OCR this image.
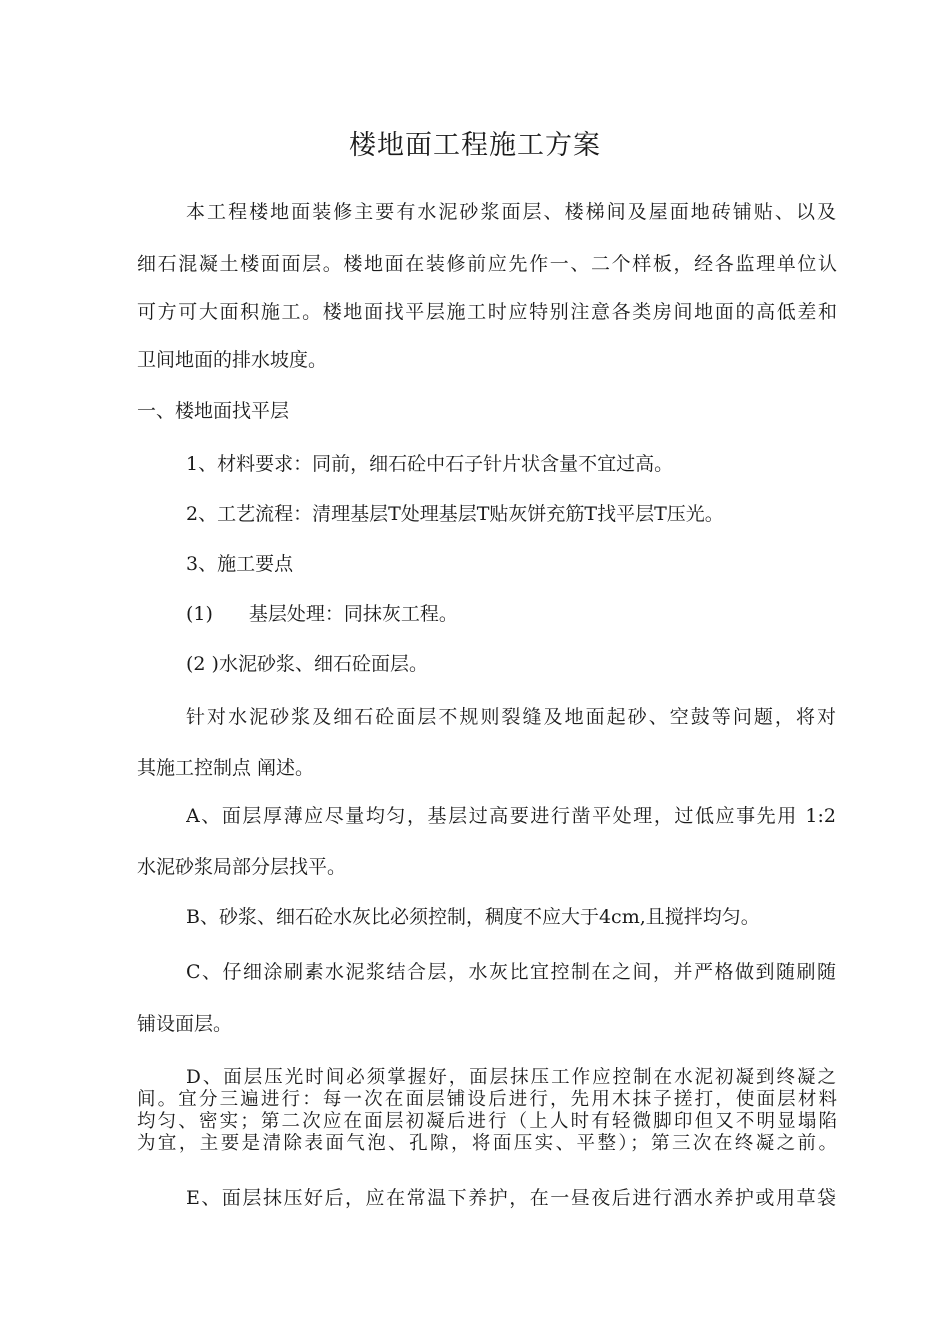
楼地面工程施工方案
本工程楼地面装修主要有水泥砂浆面层、楼梯间及屋面地砖铺贴、以及
细石混凝土楼面面层。楼地面在装修前应先作一、二个样板，经各监理单位认
可方可大面积施工。楼地面找平层施工时应特别注意各类房间地面的高低差和
卫间地面的排水坡度。
一、楼地面找平层
1、材料要求：同前，细石砼中石子针片状含量不宜过高。
2、工艺流程：清理基层T处理基层T贴灰饼充筋T找平层T压光。
3、施工要点
(1) 基层处理：同抹灰工程。
(2 )水泥砂浆、细石砼面层。
针对水泥砂浆及细石砼面层不规则裂缝及地面起砂、空鼓等问题，将对
其施工控制点 阐述。
A、面层厚薄应尽量均匀，基层过高要进行凿平处理，过低应事先用 1:2
水泥砂浆局部分层找平。
B、砂浆、细石砼水灰比必须控制，稠度不应大于4cm,且搅拌均匀。
C、仔细涂刷素水泥浆结合层，水灰比宜控制在之间，并严格做到随刷随
铺设面层。
D、面层压光时间必须掌握好，面层抹压工作应控制在水泥初凝到终凝之
间。宜分三遍进行：每一次在面层铺设后进行，先用木抹子搓打，使面层材料
均匀、密实；第二次应在面层初凝后进行（上人时有轻微脚印但又不明显塌陷
为宜，主要是清除表面气泡、孔隙，将面压实、平整）；第三次在终凝之前。
E、面层抹压好后，应在常温下养护，在一昼夜后进行洒水养护或用草袋
